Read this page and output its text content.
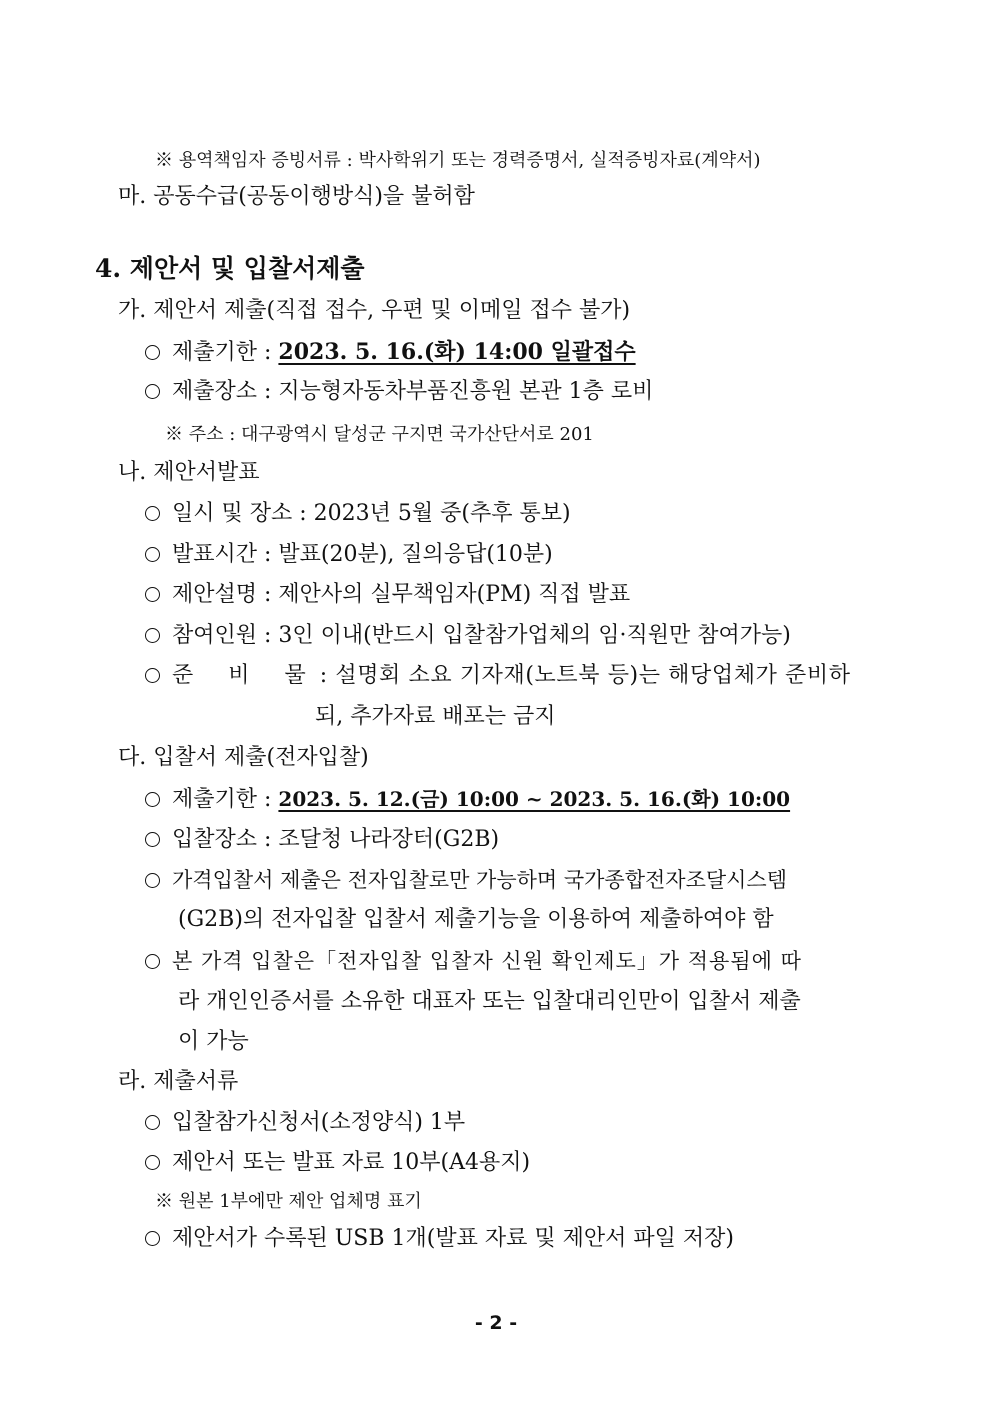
※ 용역책임자 증빙서류 : 박사학위기 또는 경력증명서, 실적증빙자료(계약서)
마. 공동수급(공동이행방식)을 불허함
4. 제안서 및 입찰서제출
가. 제안서 제출(직접 접수, 우편 및 이메일 접수 불가)
제출기한 : 2023. 5. 16.(화) 14:00 일괄접수
제출장소 : 지능형자동차부품진흥원 본관 1층 로비
※ 주소 : 대구광역시 달성군 구지면 국가산단서로 201
나. 제안서발표
일시 및 장소 : 2023년 5월 중(추후 통보)
발표시간 : 발표(20분), 질의응답(10분)
제안설명 : 제안사의 실무책임자(PM) 직접 발표
참여인원 : 3인 이내(반드시 입찰참가업체의 임·직원만 참여가능)
준 비 물: 설명회 소요 기자재(노트북 등)는 해당업체가 준비하
되, 추가자료 배포는 금지
다. 입찰서 제출(전자입찰)
제출기한 : 2023. 5. 12.(금) 10:00 ~ 2023. 5. 16.(화) 10:00
입찰장소 : 조달청 나라장터(G2B)
가격입찰서 제출은 전자입찰로만 가능하며 국가종합전자조달시스템
(G2B)의 전자입찰 입찰서 제출기능을 이용하여 제출하여야 함
본 가격 입찰은「전자입찰 입찰자 신원 확인제도」가 적용됨에 따
라 개인인증서를 소유한 대표자 또는 입찰대리인만이 입찰서 제출
이 가능
라. 제출서류
입찰참가신청서(소정양식) 1부
제안서 또는 발표 자료 10부(A4용지)
※ 원본 1부에만 제안 업체명 표기
제안서가 수록된 USB 1개(발표 자료 및 제안서 파일 저장)
- 2 -
